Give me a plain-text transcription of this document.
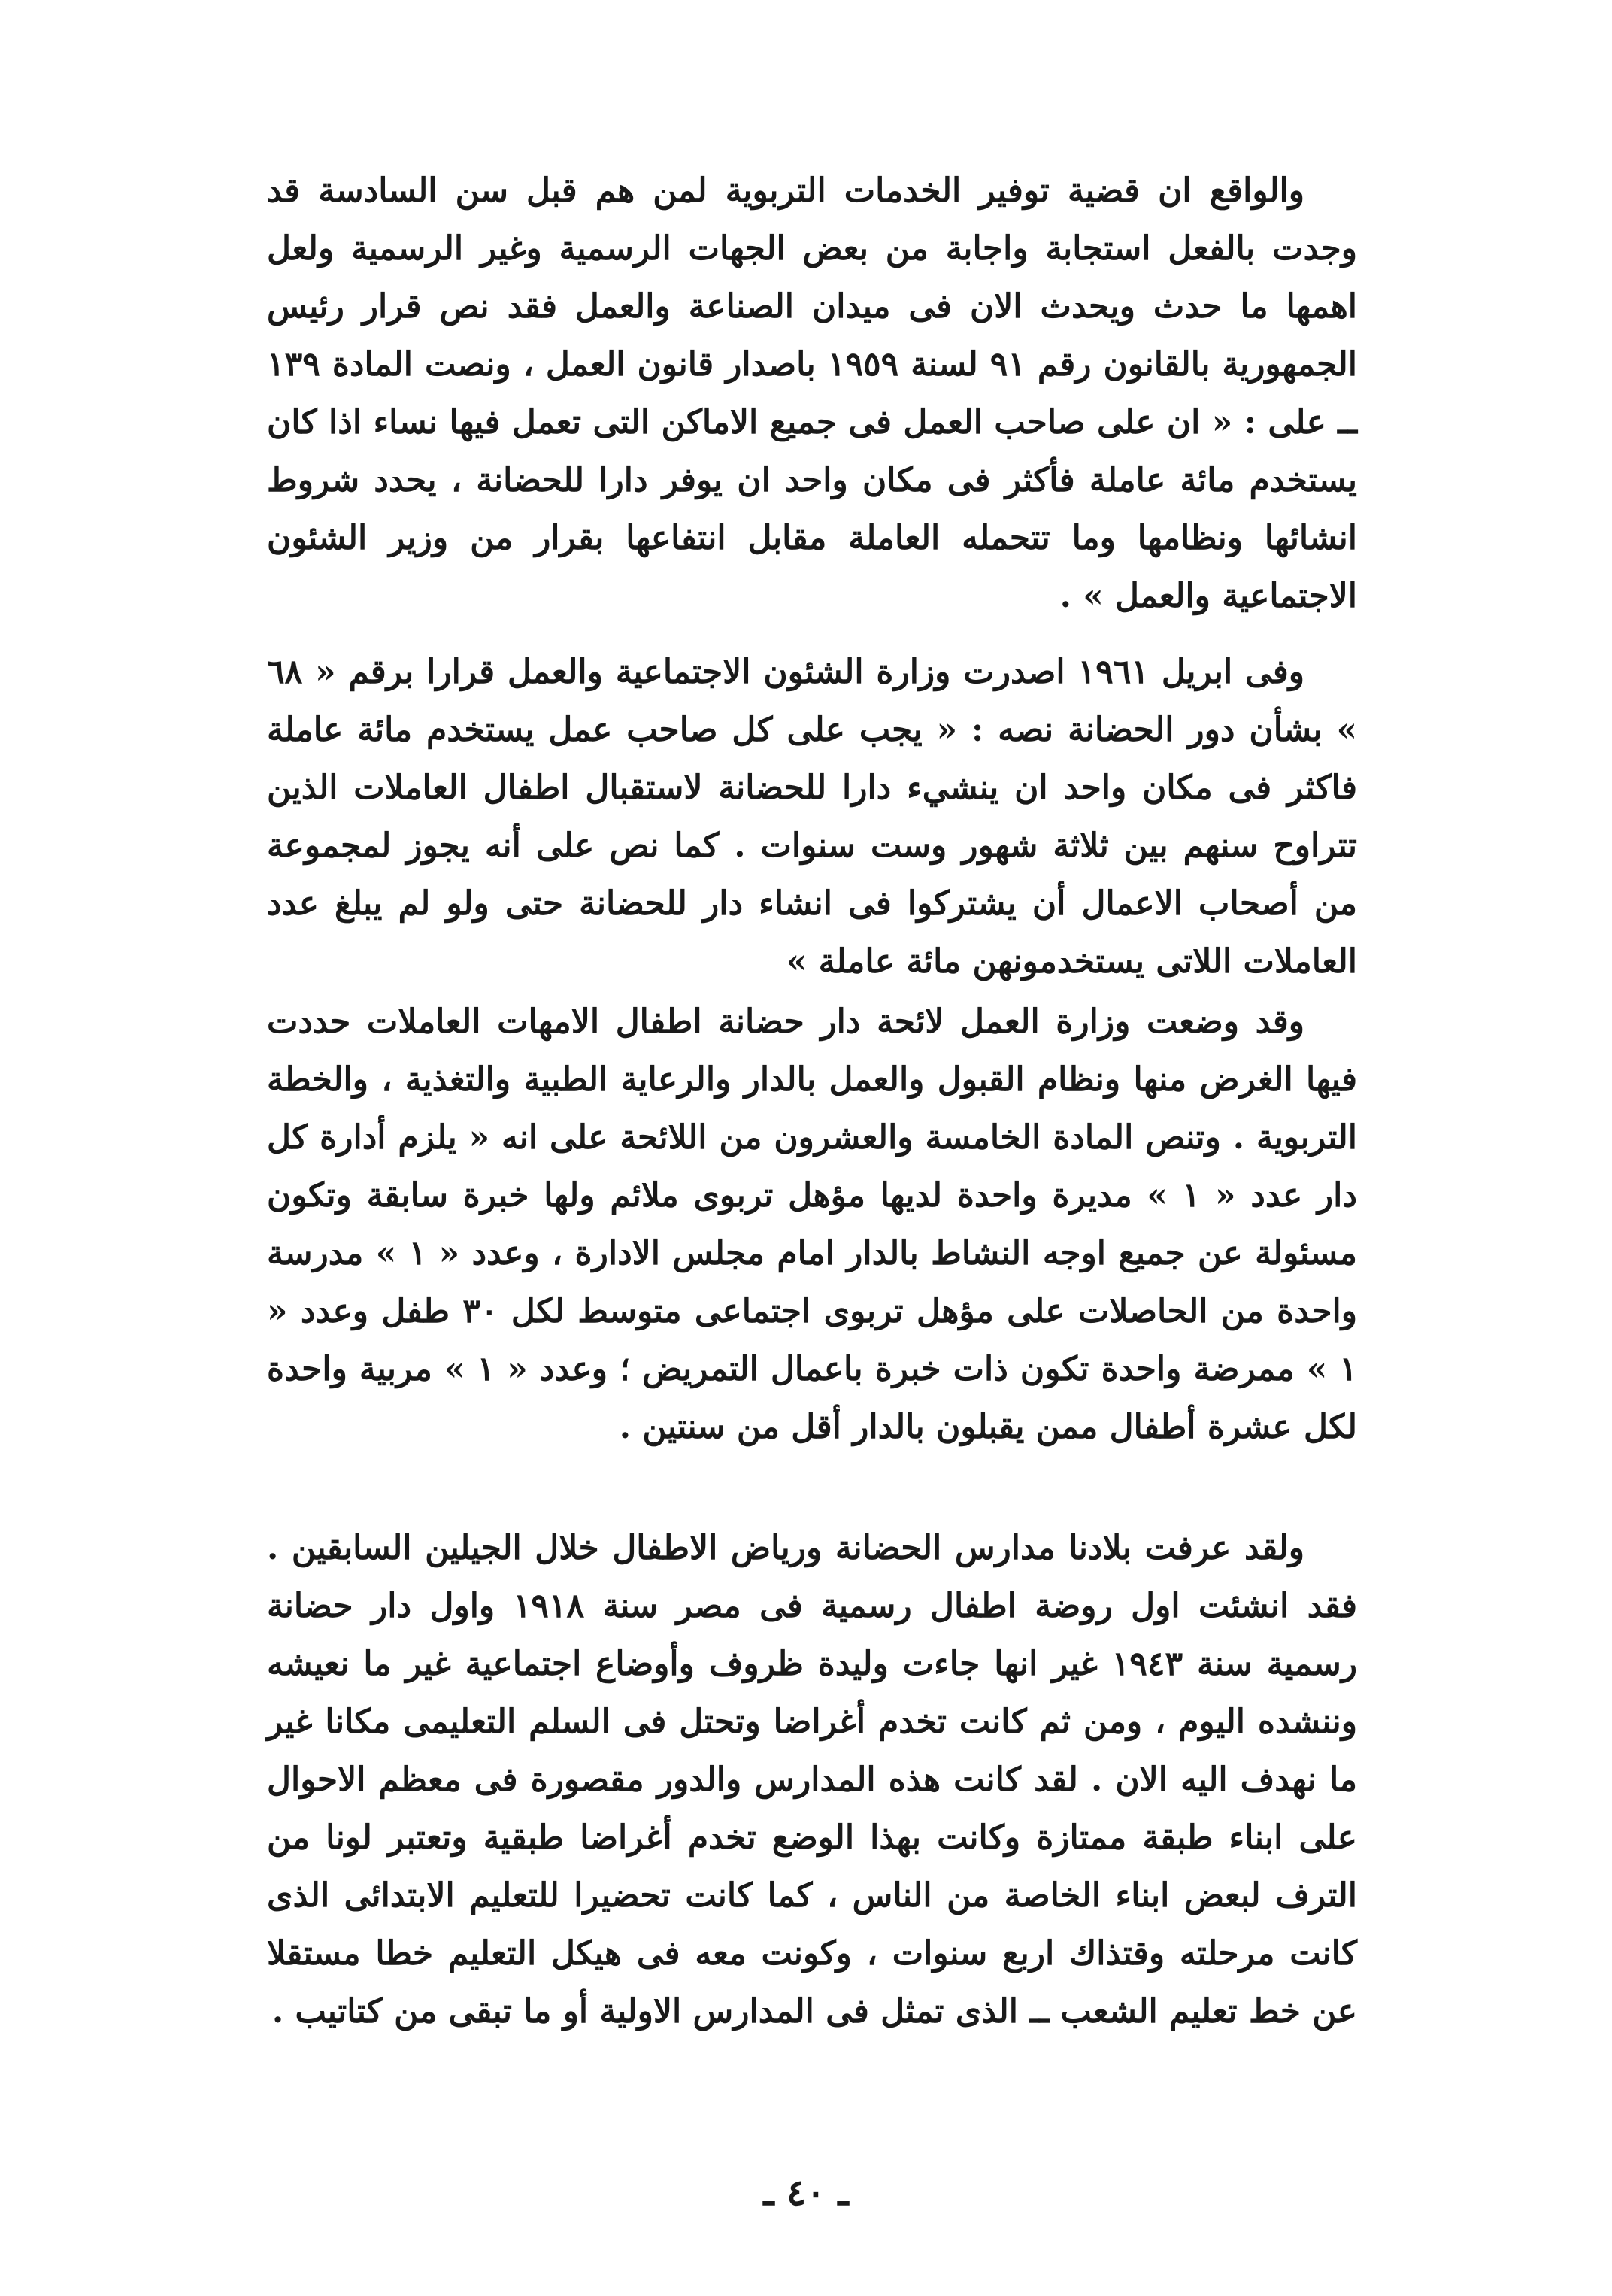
والواقع ان قضية توفير الخدمات التربوية لمن هم قبل سن السادسة قد وجدت بالفعل استجابة واجابة من بعض الجهات الرسمية وغير الرسمية ولعل اهمها ما حدث ويحدث الان فى ميدان الصناعة والعمل فقد نص قرار رئيس الجمهورية بالقانون رقم ٩١ لسنة ١٩٥٩ باصدار قانون العمل ، ونصت المادة ١٣٩ ــ على : « ان على صاحب العمل فى جميع الاماكن التى تعمل فيها نساء اذا كان يستخدم مائة عاملة فأكثر فى مكان واحد ان يوفر دارا للحضانة ، يحدد شروط انشائها ونظامها وما تتحمله العاملة مقابل انتفاعها بقرار من وزير الشئون الاجتماعية والعمل » .

وفى ابريل ١٩٦١ اصدرت وزارة الشئون الاجتماعية والعمل قرارا برقم « ٦٨ » بشأن دور الحضانة نصه : « يجب على كل صاحب عمل يستخدم مائة عاملة فاكثر فى مكان واحد ان ينشيء دارا للحضانة لاستقبال اطفال العاملات الذين تتراوح سنهم بين ثلاثة شهور وست سنوات . كما نص على أنه يجوز لمجموعة من أصحاب الاعمال أن يشتركوا فى انشاء دار للحضانة حتى ولو لم يبلغ عدد العاملات اللاتى يستخدمونهن مائة عاملة »

وقد وضعت وزارة العمل لائحة دار حضانة اطفال الامهات العاملات حددت فيها الغرض منها ونظام القبول والعمل بالدار والرعاية الطبية والتغذية ، والخطة التربوية . وتنص المادة الخامسة والعشرون من اللائحة على انه « يلزم أدارة كل دار عدد « ١ » مديرة واحدة لديها مؤهل تربوى ملائم ولها خبرة سابقة وتكون مسئولة عن جميع اوجه النشاط بالدار امام مجلس الادارة ، وعدد « ١ » مدرسة واحدة من الحاصلات على مؤهل تربوى اجتماعى متوسط لكل ٣٠ طفل وعدد « ١ » ممرضة واحدة تكون ذات خبرة باعمال التمريض ؛ وعدد « ١ » مربية واحدة لكل عشرة أطفال ممن يقبلون بالدار أقل من سنتين .

ولقد عرفت بلادنا مدارس الحضانة ورياض الاطفال خلال الجيلين السابقين . فقد انشئت اول روضة اطفال رسمية فى مصر سنة ١٩١٨ واول دار حضانة رسمية سنة ١٩٤٣ غير انها جاءت وليدة ظروف وأوضاع اجتماعية غير ما نعيشه وننشده اليوم ، ومن ثم كانت تخدم أغراضا وتحتل فى السلم التعليمى مكانا غير ما نهدف اليه الان . لقد كانت هذه المدارس والدور مقصورة فى معظم الاحوال على ابناء طبقة ممتازة وكانت بهذا الوضع تخدم أغراضا طبقية وتعتبر لونا من الترف لبعض ابناء الخاصة من الناس ، كما كانت تحضيرا للتعليم الابتدائى الذى كانت مرحلته وقتذاك اربع سنوات ، وكونت معه فى هيكل التعليم خطا مستقلا عن خط تعليم الشعب ــ الذى تمثل فى المدارس الاولية أو ما تبقى من كتاتيب .

ـ ٤٠ ـ
